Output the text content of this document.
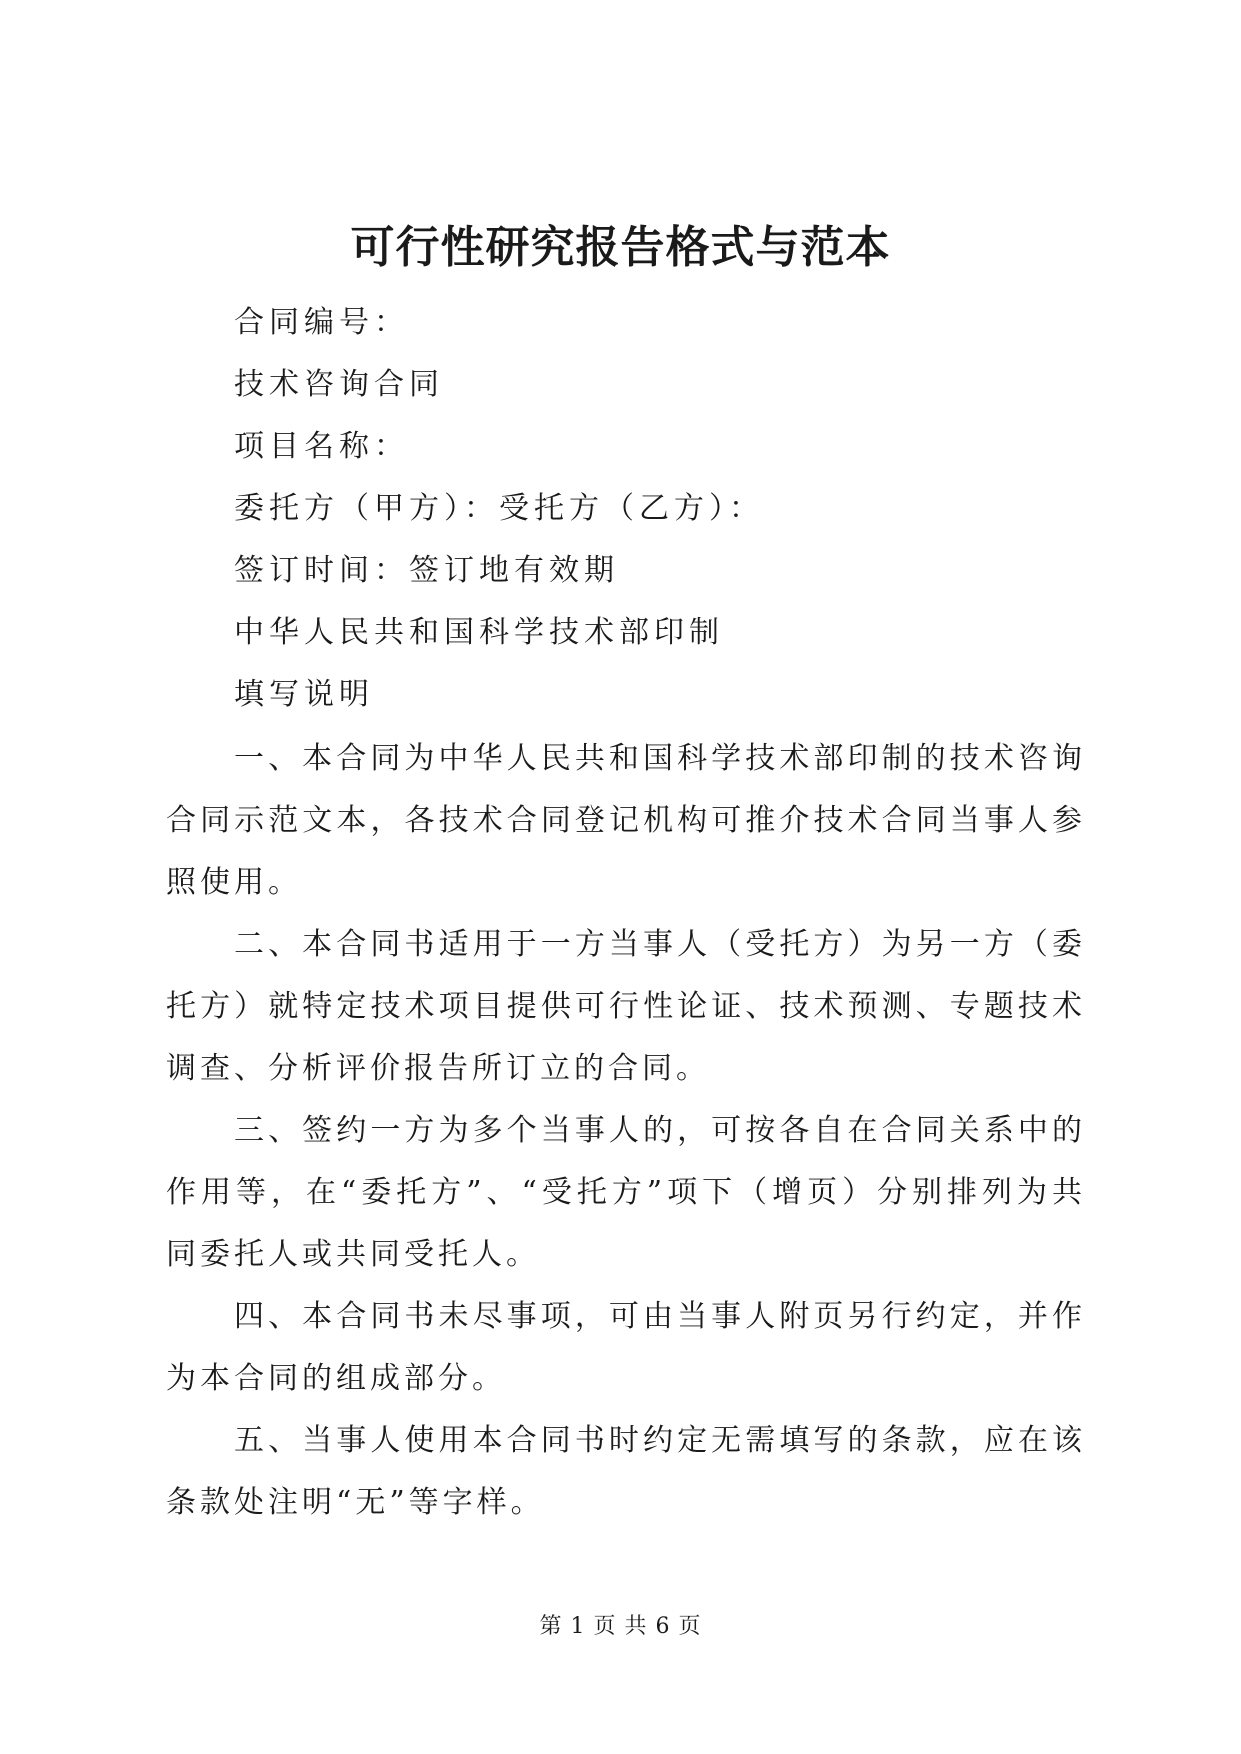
可行性研究报告格式与范本

合同编号：

技术咨询合同

项目名称：

委托方（甲方）：受托方（乙方）：

签订时间：签订地有效期

中华人民共和国科学技术部印制

填写说明

一、本合同为中华人民共和国科学技术部印制的技术咨询合同示范文本，各技术合同登记机构可推介技术合同当事人参照使用。

二、本合同书适用于一方当事人（受托方）为另一方（委托方）就特定技术项目提供可行性论证、技术预测、专题技术调查、分析评价报告所订立的合同。

三、签约一方为多个当事人的，可按各自在合同关系中的作用等，在“委托方”、“受托方”项下（增页）分别排列为共同委托人或共同受托人。

四、本合同书未尽事项，可由当事人附页另行约定，并作为本合同的组成部分。

五、当事人使用本合同书时约定无需填写的条款，应在该条款处注明“无”等字样。

第 1 页 共 6 页
